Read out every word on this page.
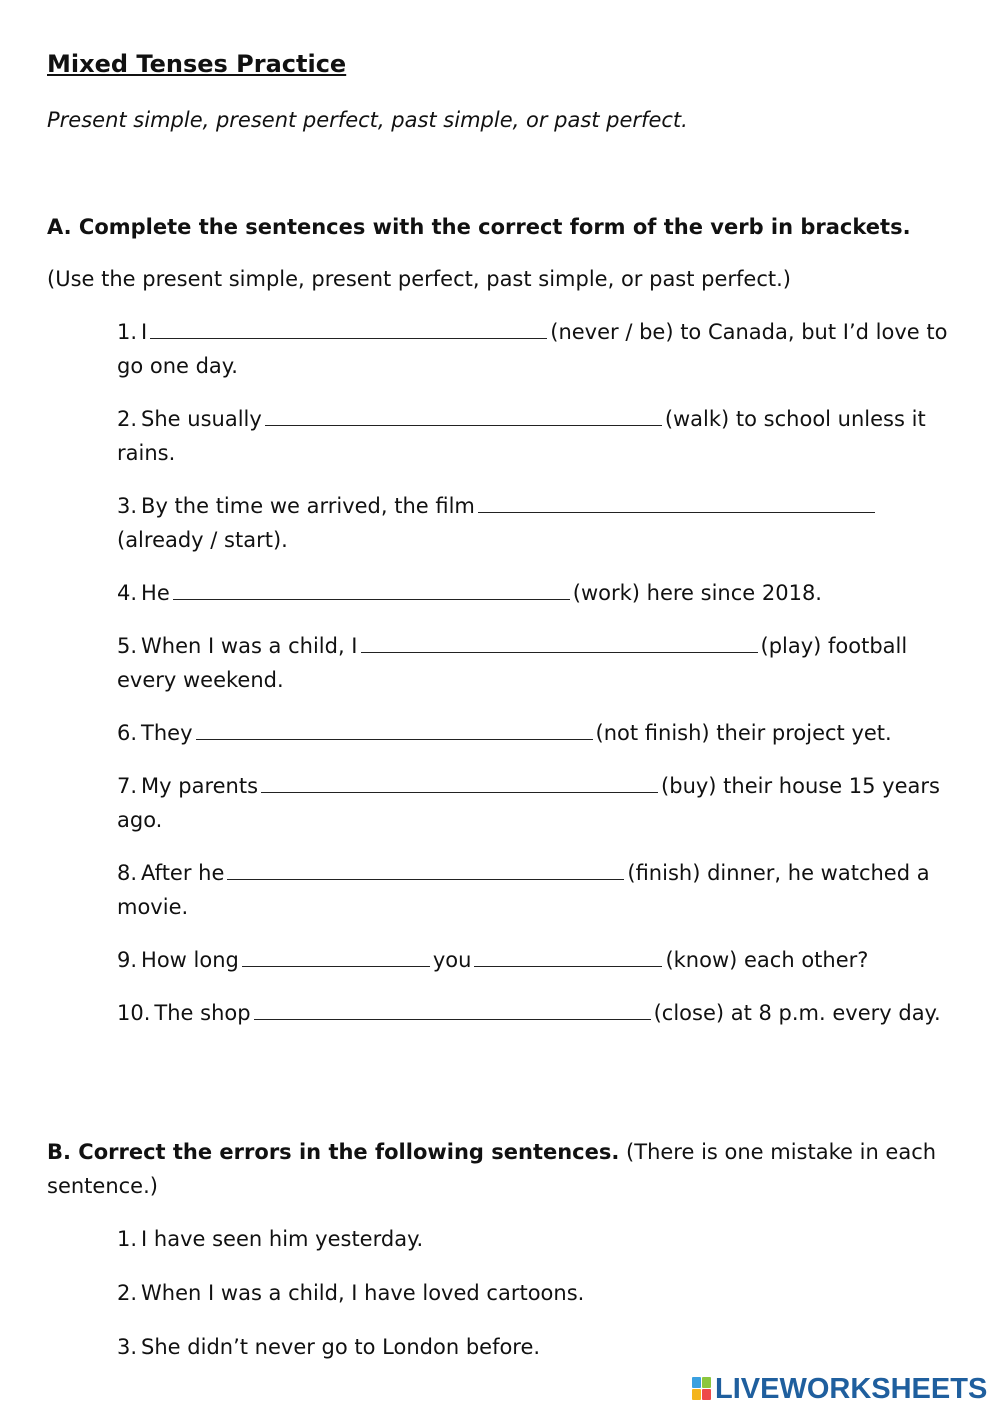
Mixed Tenses Practice

Present simple, present perfect, past simple, or past perfect.

A. Complete the sentences with the correct form of the verb in brackets.

(Use the present simple, present perfect, past simple, or past perfect.)

1. I	(never / be) to Canada, but I’d love to go one day.
2. She usually	(walk) to school unless it rains.
3. By the time we arrived, the film(already / start).
4. He	(work) here since 2018.
5. When I was a child, I	(play) football every weekend.
6. They	(not finish) their project yet.
7. My parents	(buy) their house 15 years ago.
8. After he	(finish) dinner, he watched a movie.
9. How long	you	(know) each other?
10. The shop	(close) at 8 p.m. every day.

B. Correct the errors in the following sentences. (There is one mistake in each sentence.)

1. I have seen him yesterday.
2. When I was a child, I have loved cartoons.
3. She didn’t never go to London before.
LIVEWORKSHEETS
